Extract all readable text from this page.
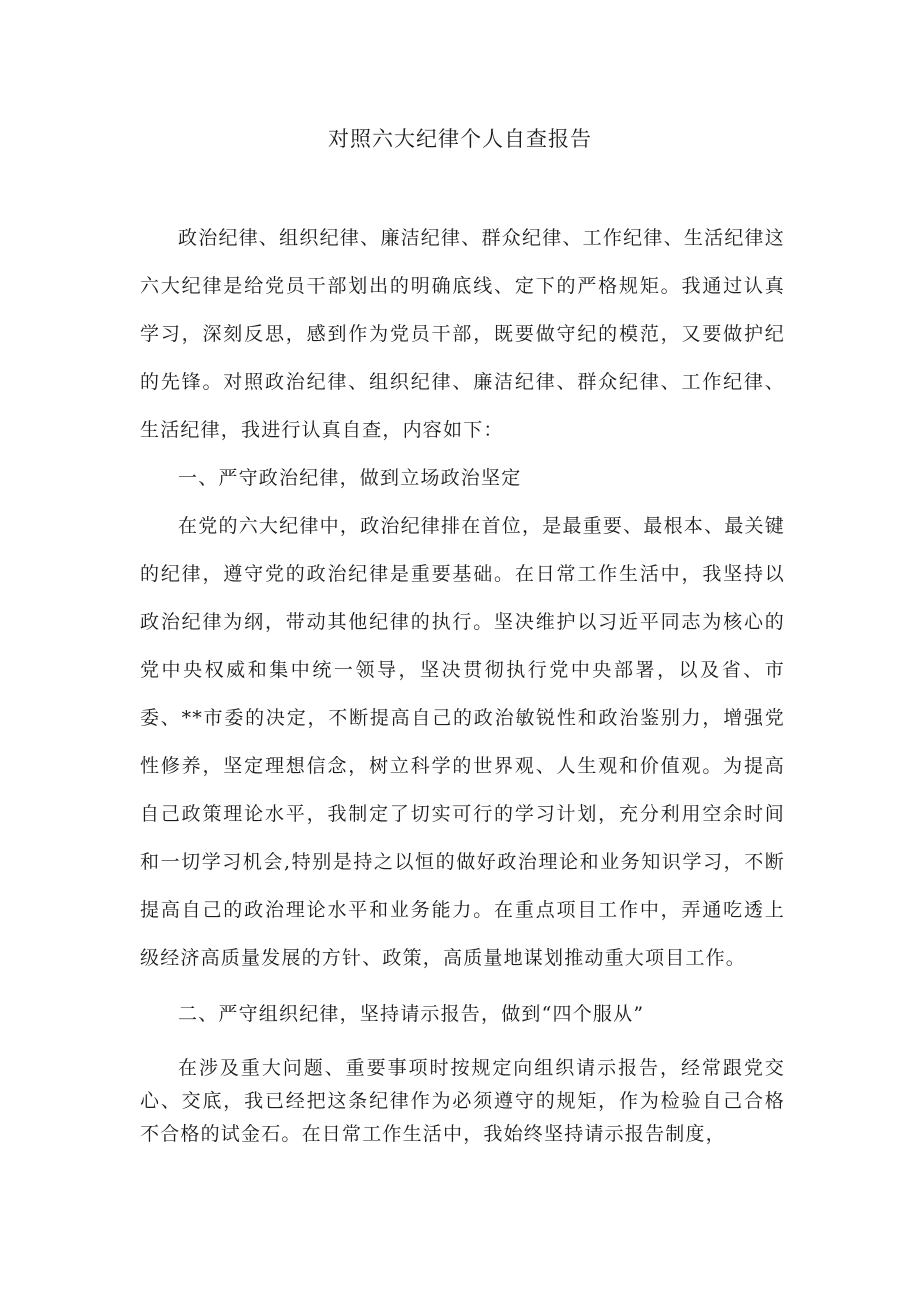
对照六大纪律个人自查报告

政治纪律、组织纪律、廉洁纪律、群众纪律、工作纪律、生活纪律这六大纪律是给党员干部划出的明确底线、定下的严格规矩。我通过认真学习，深刻反思，感到作为党员干部，既要做守纪的模范，又要做护纪的先锋。对照政治纪律、组织纪律、廉洁纪律、群众纪律、工作纪律、生活纪律，我进行认真自查，内容如下：

一、严守政治纪律，做到立场政治坚定

在党的六大纪律中，政治纪律排在首位，是最重要、最根本、最关键的纪律，遵守党的政治纪律是重要基础。在日常工作生活中，我坚持以政治纪律为纲，带动其他纪律的执行。坚决维护以习近平同志为核心的党中央权威和集中统一领导，坚决贯彻执行党中央部署，以及省、市委、**市委的决定，不断提高自己的政治敏锐性和政治鉴别力，增强党性修养，坚定理想信念，树立科学的世界观、人生观和价值观。为提高自己政策理论水平，我制定了切实可行的学习计划，充分利用空余时间和一切学习机会,特别是持之以恒的做好政治理论和业务知识学习，不断提高自己的政治理论水平和业务能力。在重点项目工作中，弄通吃透上级经济高质量发展的方针、政策，高质量地谋划推动重大项目工作。

二、严守组织纪律，坚持请示报告，做到“四个服从”

在涉及重大问题、重要事项时按规定向组织请示报告，经常跟党交心、交底，我已经把这条纪律作为必须遵守的规矩，作为检验自己合格不合格的试金石。在日常工作生活中，我始终坚持请示报告制度，
